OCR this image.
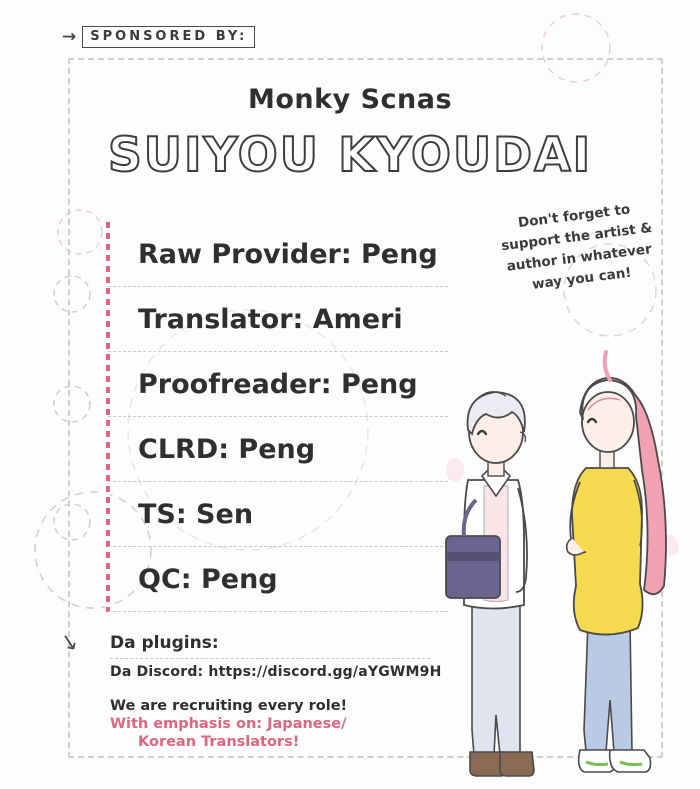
→	SPONSORED BY:
Monky Scnas
SUIYOU KYOUDAI
Raw Provider: Peng
Translator: Ameri
Proofreader: Peng
CLRD: Peng
TS: Sen
QC: Peng
Don't forget to support the artist & author in whatever way you can!
↘ Da plugins:
Da Discord: https://discord.gg/aYGWM9H
We are recruiting every role!
With emphasis on: Japanese/
Korean Translators!
